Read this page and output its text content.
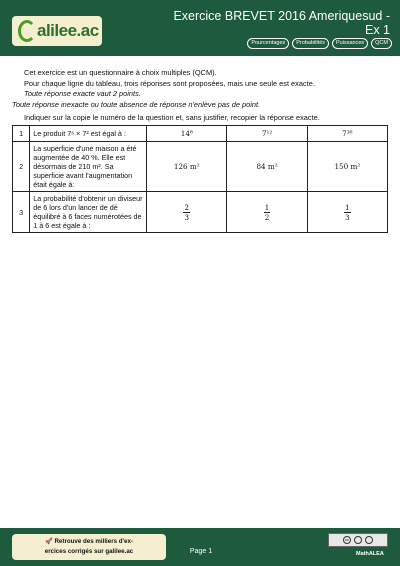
alilee.ac
Exercice BREVET 2016 Ameriquesud - Ex 1
Pourcentages	Probabilités	Puissances	QCM
Cet exercice est un questionnaire à choix multiples (QCM).
Pour chaque ligne du tableau, trois réponses sont proposées, mais une seule est exacte.
Toute réponse exacte vaut 2 points.
Toute réponse inexacte ou toute absence de réponse n'enlève pas de point.
Indiquer sur la copie le numéro de la question et, sans justifier, recopier la réponse exacte.
1	Le produit 7⁶ × 7² est égal à :	14⁸	7¹²	7³⁶
2	La superficie d'une maison a été augmentée de 40 %. Elle est désormais de 210 m². Sa superficie avant l'augmentation était égale à:	126 m²	84 m²	150 m²
3	La probabilité d'obtenir un diviseur de 6 lors d'un lancer de dé équilibré à 6 faces numérotées de 1 à 6 est égale à :	$\frac{2}{3}$	$\frac{1}{2}$	$\frac{1}{3}$
🚀 Retrouve des milliers d'ex-
ercices corrigés sur galilee.ac	Page 1
cc
MathALEA
